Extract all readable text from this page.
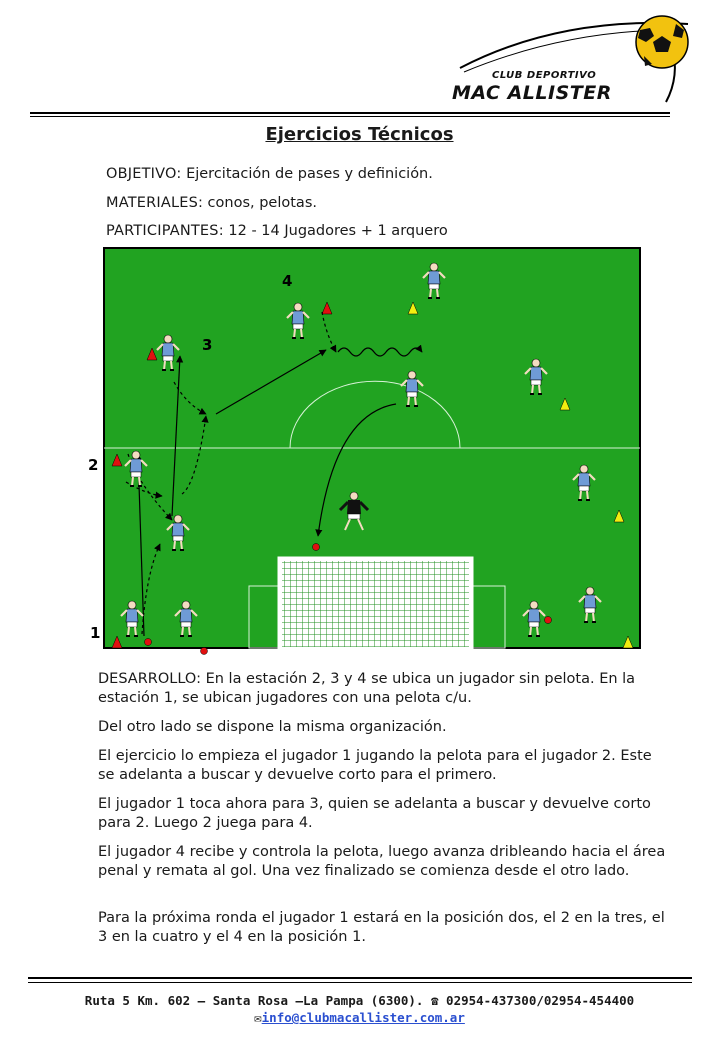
CLUB DEPORTIVO
MAC ALLISTER
Ejercicios Técnicos
OBJETIVO: Ejercitación de pases y definición.
MATERIALES: conos, pelotas.
PARTICIPANTES: 12 - 14 Jugadores + 1 arquero
1
2
3
4
DESARROLLO: En la estación 2, 3 y 4 se ubica un jugador sin pelota. En la estación 1, se ubican jugadores con una pelota c/u.
Del otro lado se dispone la misma organización.
El ejercicio lo empieza el jugador 1 jugando la pelota para el jugador 2. Este se adelanta a buscar y devuelve corto para el primero.
El jugador 1 toca ahora para 3, quien se adelanta a buscar y devuelve corto para 2. Luego 2 juega para 4.
El jugador 4 recibe y controla la pelota, luego avanza dribleando hacia el área penal y remata al gol. Una vez finalizado se comienza desde el otro lado.
Para la próxima ronda el jugador 1 estará en la posición dos, el 2 en la tres, el 3 en la cuatro y el 4 en la posición 1.
Ruta 5 Km. 602 – Santa Rosa –La Pampa (6300). ☎ 02954-437300/02954-454400
✉info@clubmacallister.com.ar
